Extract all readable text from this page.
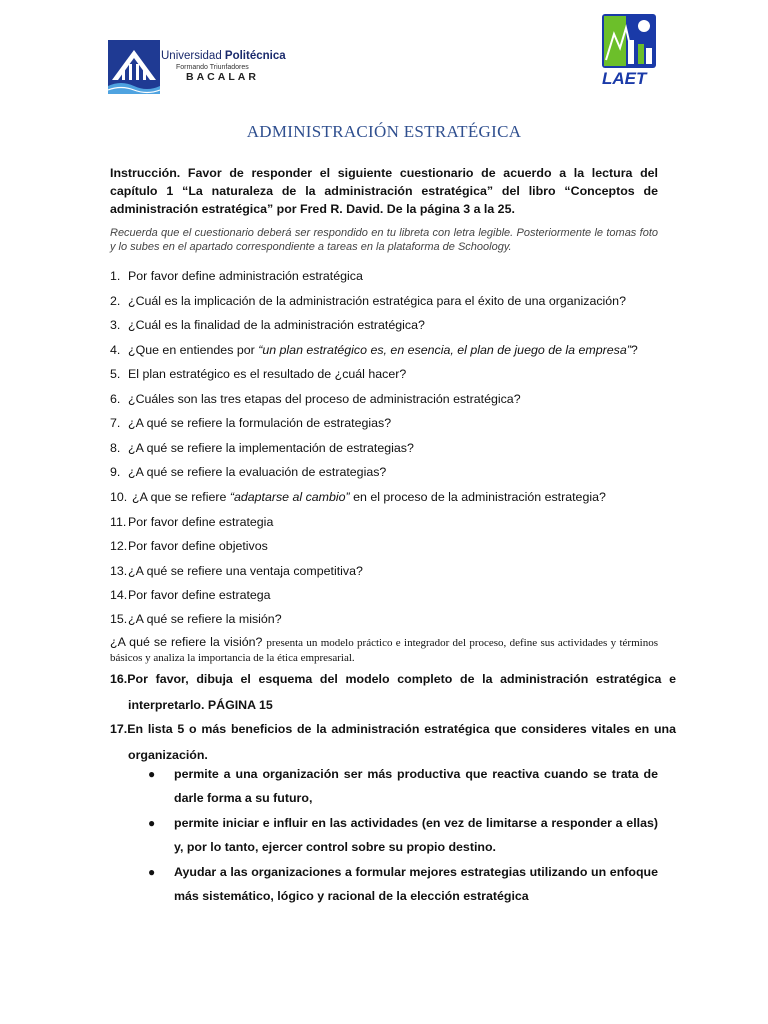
Universidad Politécnica
Formando Triunfadores
BACALAR	LAET
ADMINISTRACIÓN ESTRATÉGICA
Instrucción. Favor de responder el siguiente cuestionario de acuerdo a la lectura del capítulo 1 “La naturaleza de la administración estratégica” del libro “Conceptos de administración estratégica” por Fred R. David. De la página 3 a la 25.
Recuerda que el cuestionario deberá ser respondido en tu libreta con letra legible. Posteriormente le tomas foto y lo subes en el apartado correspondiente a tareas en la plataforma de Schoology.
1. Por favor define administración estratégica
2. ¿Cuál es la implicación de la administración estratégica para el éxito de una organización?
3. ¿Cuál es la finalidad de la administración estratégica?
4. ¿Que en entiendes por “un plan estratégico es, en esencia, el plan de juego de la empresa”?
5. El plan estratégico es el resultado de ¿cuál hacer?
6. ¿Cuáles son las tres etapas del proceso de administración estratégica?
7. ¿A qué se refiere la formulación de estrategias?
8. ¿A qué se refiere la implementación de estrategias?
9. ¿A qué se refiere la evaluación de estrategias?
10. ¿A que se refiere “adaptarse al cambio” en el proceso de la administración estrategia?
11. Por favor define estrategia
12.Por favor define objetivos
13.¿A qué se refiere una ventaja competitiva?
14.Por favor define estratega
15.¿A qué se refiere la misión?
¿A qué se refiere la visión? presenta un modelo práctico e integrador del proceso, define sus actividades y términos básicos y analiza la importancia de la ética empresarial.
16.Por favor, dibuja el esquema del modelo completo de la administración estratégica e interpretarlo. PÁGINA 15
17.En lista 5 o más beneficios de la administración estratégica que consideres vitales en una organización.
● permite a una organización ser más productiva que reactiva cuando se trata de darle forma a su futuro,
● permite iniciar e influir en las actividades (en vez de limitarse a responder a ellas) y, por lo tanto, ejercer control sobre su propio destino.
● Ayudar a las organizaciones a formular mejores estrategias utilizando un enfoque más sistemático, lógico y racional de la elección estratégica
